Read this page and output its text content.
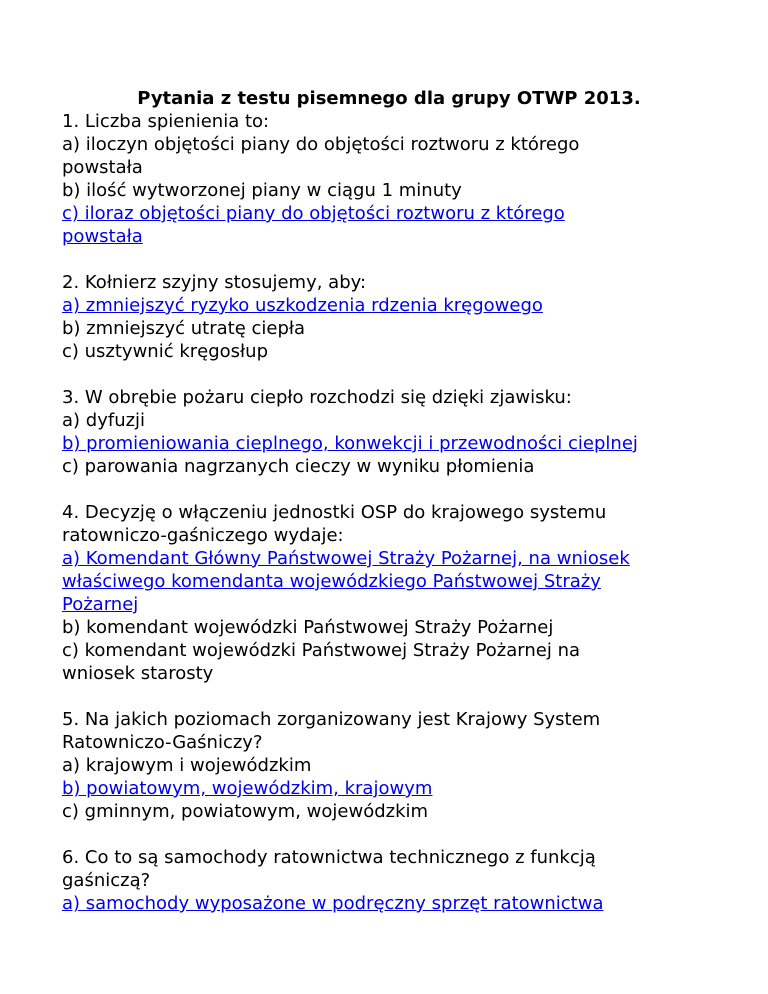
Pytania z testu pisemnego dla grupy OTWP 2013.

1. Liczba spienienia to:

a) iloczyn objętości piany do objętości roztworu z którego

powstała

b) ilość wytworzonej piany w ciągu 1 minuty

c) iloraz objętości piany do objętości roztworu z którego

powstała

2. Kołnierz szyjny stosujemy, aby:

a) zmniejszyć ryzyko uszkodzenia rdzenia kręgowego

b) zmniejszyć utratę ciepła

c) usztywnić kręgosłup

3. W obrębie pożaru ciepło rozchodzi się dzięki zjawisku:

a) dyfuzji

b) promieniowania cieplnego, konwekcji i przewodności cieplnej

c) parowania nagrzanych cieczy w wyniku płomienia

4. Decyzję o włączeniu jednostki OSP do krajowego systemu

ratowniczo-gaśniczego wydaje:

a) Komendant Główny Państwowej Straży Pożarnej, na wniosek

właściwego komendanta wojewódzkiego Państwowej Straży

Pożarnej

b) komendant wojewódzki Państwowej Straży Pożarnej

c) komendant wojewódzki Państwowej Straży Pożarnej na

wniosek starosty

5. Na jakich poziomach zorganizowany jest Krajowy System

Ratowniczo-Gaśniczy?

a) krajowym i wojewódzkim

b) powiatowym, wojewódzkim, krajowym

c) gminnym, powiatowym, wojewódzkim

6. Co to są samochody ratownictwa technicznego z funkcją

gaśniczą?

a) samochody wyposażone w podręczny sprzęt ratownictwa
